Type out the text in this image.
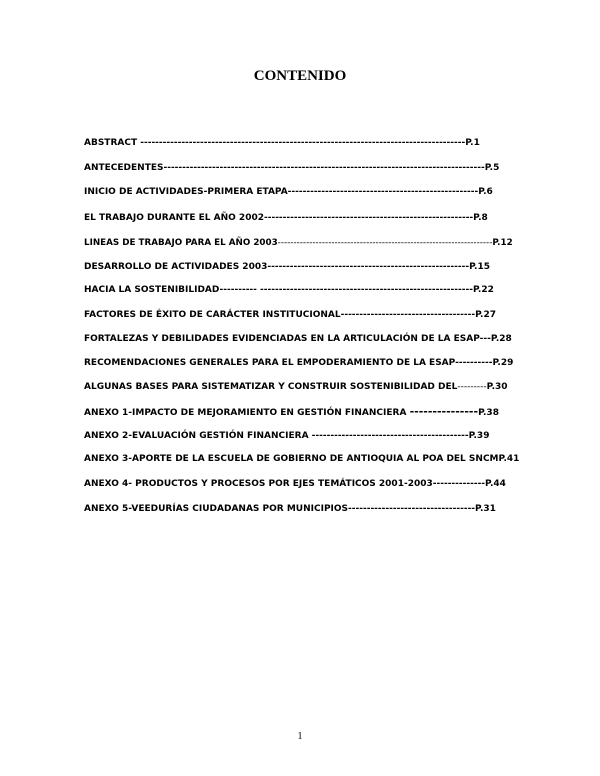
CONTENIDO
ABSTRACT ---------------------------------------------------------------------------------------P.1
ANTECEDENTES--------------------------------------------------------------------------------------P.5
INICIO DE ACTIVIDADES-PRIMERA ETAPA---------------------------------------------------P.6
EL TRABAJO DURANTE EL AÑO 2002--------------------------------------------------------P.8
LINEAS DE TRABAJO PARA EL AÑO 2003--------------------------------------------------------------------P.12
DESARROLLO DE ACTIVIDADES 2003------------------------------------------------------P.15
HACIA LA SOSTENIBILIDAD---------- ---------------------------------------------------------P.22
FACTORES DE ÉXITO DE CARÁCTER INSTITUCIONAL------------------------------------P.27
FORTALEZAS Y DEBILIDADES EVIDENCIADAS EN LA ARTICULACIÓN DE LA ESAP---P.28
RECOMENDACIONES GENERALES PARA EL EMPODERAMIENTO DE LA ESAP----------P.29
ALGUNAS BASES PARA SISTEMATIZAR Y CONSTRUIR SOSTENIBILIDAD DEL---------P.30
ANEXO 1-IMPACTO DE MEJORAMIENTO EN GESTIÓN FINANCIERA ---------------P.38
ANEXO 2-EVALUACIÓN GESTIÓN FINANCIERA ------------------------------------------P.39
ANEXO 3-APORTE DE LA ESCUELA DE GOBIERNO DE ANTIOQUIA AL POA DEL SNCMP.41
ANEXO 4- PRODUCTOS Y PROCESOS POR EJES TEMÁTICOS 2001-2003--------------P.44
ANEXO 5-VEEDURÍAS CIUDADANAS POR MUNICIPIOS----------------------------------P.31
1
